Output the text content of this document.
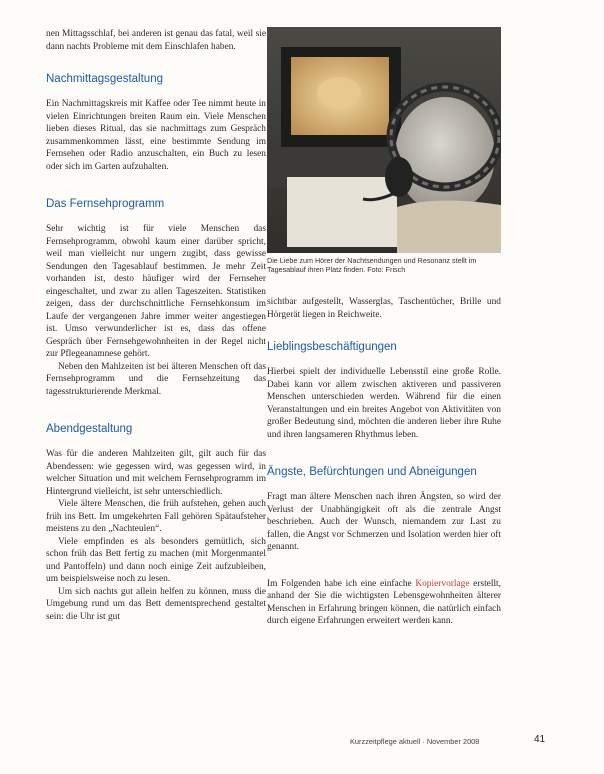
nen Mittagsschlaf, bei anderen ist genau das fatal, weil sie dann nachts Probleme mit dem Einschlafen haben.

Nachmittagsgestaltung

Ein Nachmittagskreis mit Kaffee oder Tee nimmt heute in vielen Einrichtungen breiten Raum ein. Viele Menschen lieben dieses Ritual, das sie nachmittags zum Gespräch zusammenkommen lässt, eine bestimmte Sendung im Fernsehen oder Radio anzuschalten, ein Buch zu lesen oder sich im Garten aufzuhalten.

Das Fernsehprogramm

Sehr wichtig ist für viele Menschen das Fernsehprogramm, obwohl kaum einer darüber spricht, weil man vielleicht nur ungern zugibt, dass gewisse Sendungen den Tagesablauf bestimmen. Je mehr Zeit vorhanden ist, desto häufiger wird der Fernseher eingeschaltet, und zwar zu allen Tageszeiten. Statistiken zeigen, dass der durchschnittliche Fernsehkonsum im Laufe der vergangenen Jahre immer weiter angestiegen ist. Umso verwunderlicher ist es, dass das offene Gespräch über Fernsehgewohnheiten in der Regel nicht zur Pflegeanamnese gehört.

Neben den Mahlzeiten ist bei älteren Menschen oft das Fernsehprogramm und die Fernsehzeitung das tagesstrukturierende Merkmal.

Abendgestaltung

Was für die anderen Mahlzeiten gilt, gilt auch für das Abendessen: wie gegessen wird, was gegessen wird, in welcher Situation und mit welchem Fernsehprogramm im Hintergrund vielleicht, ist sehr unterschiedlich.

Viele ältere Menschen, die früh aufstehen, gehen auch früh ins Bett. Im umgekehrten Fall gehören Spätaufsteher meistens zu den „Nachteulen“.

Viele empfinden es als besonders gemütlich, sich schon früh das Bett fertig zu machen (mit Morgenmantel und Pantoffeln) und dann noch einige Zeit aufzubleiben, um beispielsweise noch zu lesen.

Um sich nachts gut allein helfen zu können, muss die Umgebung rund um das Bett dementsprechend gestaltet sein: die Uhr ist gut

Die Liebe zum Hörer der Nachtsendungen und Resonanz stellt im Tagesablauf ihren Platz finden. Foto: Frisch

sichtbar aufgestellt, Wasserglas, Taschentücher, Brille und Hörgerät liegen in Reichweite.

Lieblingsbeschäftigungen

Hierbei spielt der individuelle Lebensstil eine große Rolle. Dabei kann vor allem zwischen aktiveren und passiveren Menschen unterschieden werden. Während für die einen Veranstaltungen und ein breites Angebot von Aktivitäten von großer Bedeutung sind, möchten die anderen lieber ihre Ruhe und ihren langsameren Rhythmus leben.

Ängste, Befürchtungen und Abneigungen

Fragt man ältere Menschen nach ihren Ängsten, so wird der Verlust der Unabhängigkeit oft als die zentrale Angst beschrieben. Auch der Wunsch, niemandem zur Last zu fallen, die Angst vor Schmerzen und Isolation werden hier oft genannt.

Im Folgenden habe ich eine einfache Kopiervorlage erstellt, anhand der Sie die wichtigsten Lebensgewohnheiten älterer Menschen in Erfahrung bringen können, die natürlich einfach durch eigene Erfahrungen erweitert werden kann.

Kurzzeitpflege aktuell · November 2008	41
